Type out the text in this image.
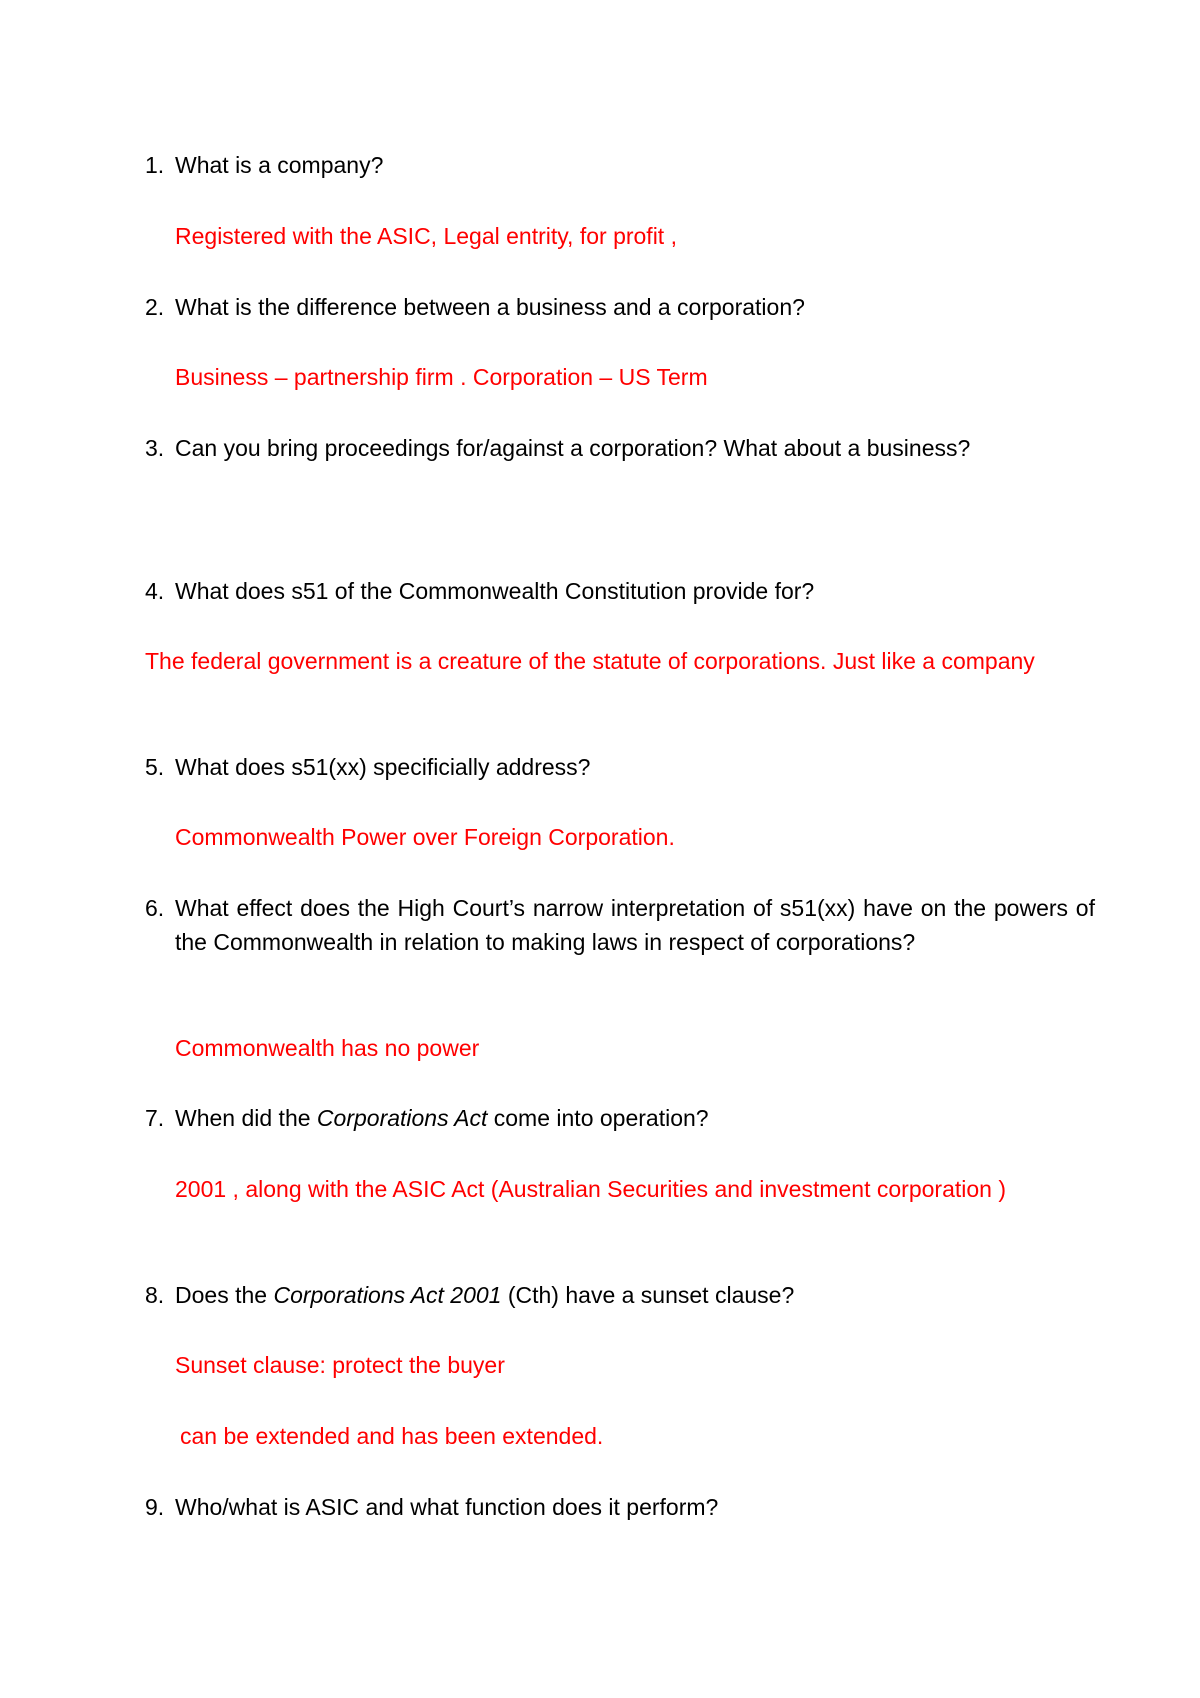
1. What is a company?
Registered with the ASIC, Legal entrity, for profit ,
2. What is the difference between a business and a corporation?
Business – partnership firm . Corporation – US Term
3. Can you bring proceedings for/against a corporation? What about a business?
4. What does s51 of the Commonwealth Constitution provide for?
The federal government is a creature of the statute of corporations. Just like a company
5. What does s51(xx) specificially address?
Commonwealth Power over Foreign Corporation.
6. What effect does the High Court’s narrow interpretation of s51(xx) have on the powers of the Commonwealth in relation to making laws in respect of corporations?
Commonwealth has no power
7. When did the Corporations Act come into operation?
2001 , along with the ASIC Act (Australian Securities and investment corporation )
8. Does the Corporations Act 2001 (Cth) have a sunset clause?
Sunset clause: protect the buyer
can be extended and has been extended.
9. Who/what is ASIC and what function does it perform?
